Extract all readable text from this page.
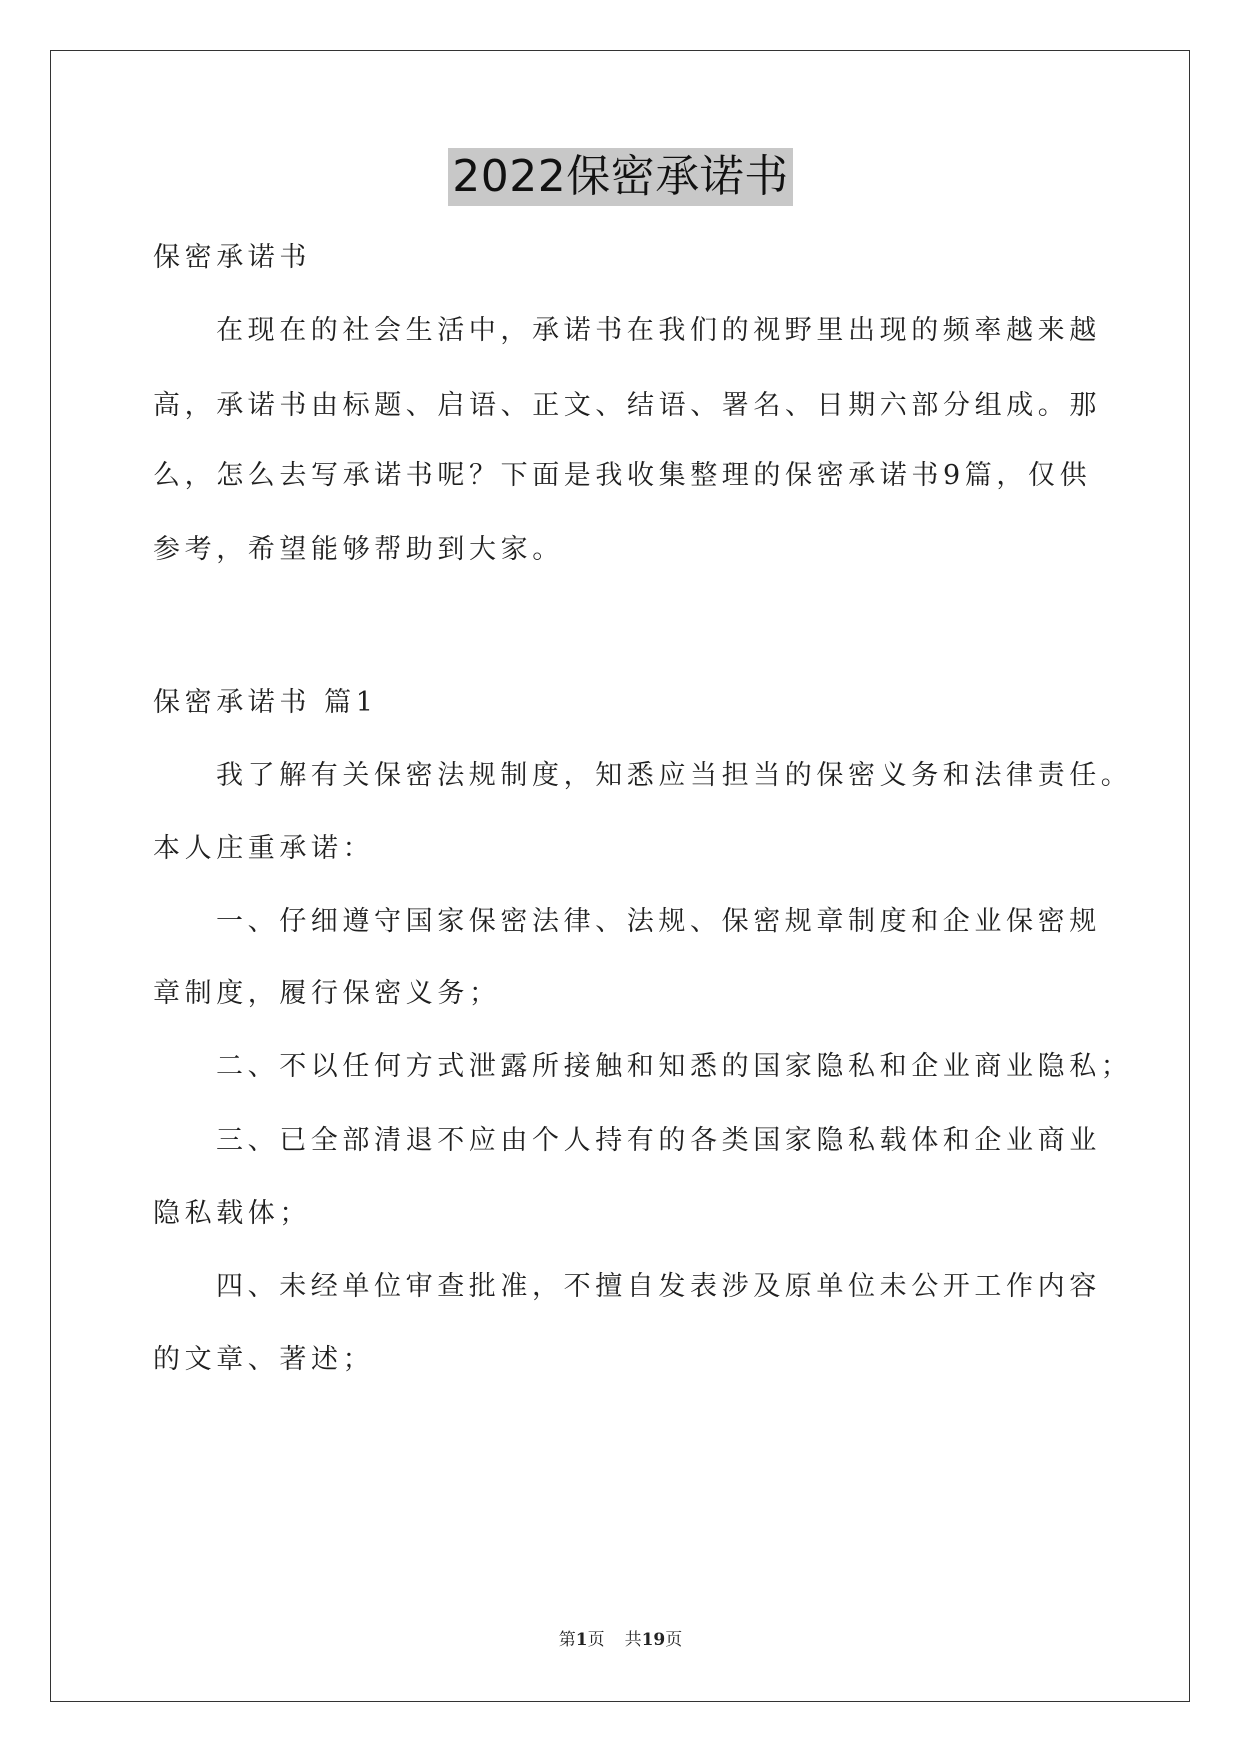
2022保密承诺书
保密承诺书
在现在的社会生活中，承诺书在我们的视野里出现的频率越来越
高，承诺书由标题、启语、正文、结语、署名、日期六部分组成。那
么，怎么去写承诺书呢？下面是我收集整理的保密承诺书9篇，仅供
参考，希望能够帮助到大家。
保密承诺书 篇1
我了解有关保密法规制度，知悉应当担当的保密义务和法律责任。
本人庄重承诺：
一、仔细遵守国家保密法律、法规、保密规章制度和企业保密规
章制度，履行保密义务；
二、不以任何方式泄露所接触和知悉的国家隐私和企业商业隐私；
三、已全部清退不应由个人持有的各类国家隐私载体和企业商业
隐私载体；
四、未经单位审查批准，不擅自发表涉及原单位未公开工作内容
的文章、著述；
第1页 共19页
